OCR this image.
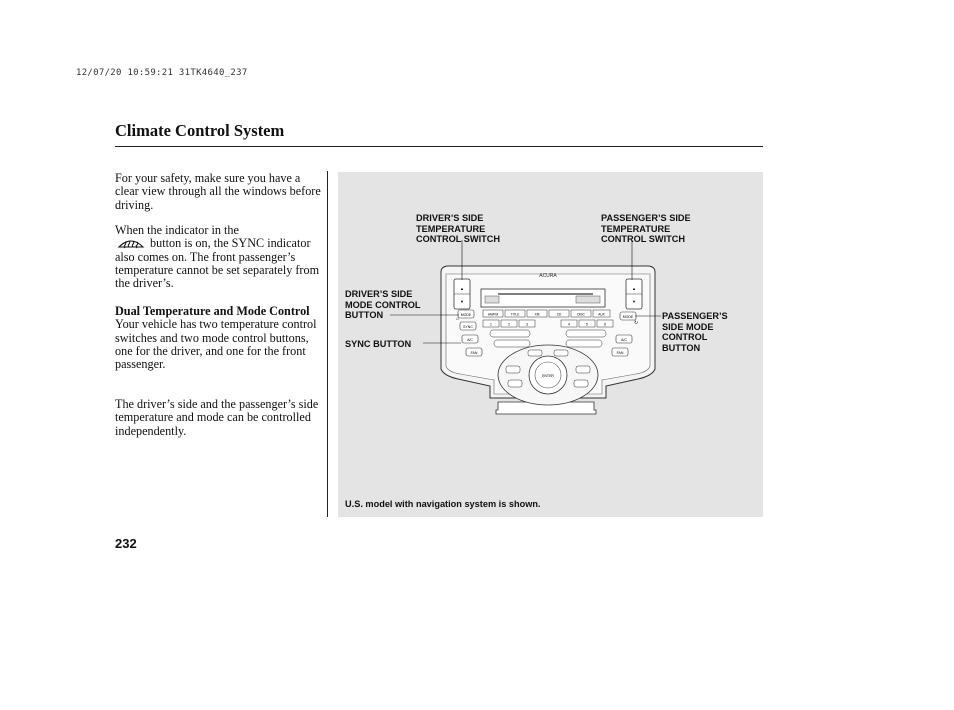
12/07/20 10:59:21 31TK4640_237
Climate Control System

For your safety, make sure you have a clear view through all the windows before driving.

When the indicator in the
button is on, the SYNC indicator also comes on. The front passenger’s temperature cannot be set separately from the driver’s.

Dual Temperature and Mode Control
Your vehicle has two temperature control switches and two mode control buttons, one for the driver, and one for the front passenger.

The driver’s side and the passenger’s side temperature and mode can be controlled independently.

ACURA
▲
▼
▲
▼
MODE
SYNC
A/C
FAN
MODE
A/C
FAN
AM/FM	TITLE	XM	CD	DISC	AUX
1	2	3	4	5	6
ENTER
⌂
↻
DRIVER’S SIDE
TEMPERATURE
CONTROL SWITCH
PASSENGER’S SIDE
TEMPERATURE
CONTROL SWITCH
DRIVER’S SIDE
MODE CONTROL
BUTTON
SYNC BUTTON
PASSENGER’S
SIDE MODE
CONTROL
BUTTON
U.S. model with navigation system is shown.
232
